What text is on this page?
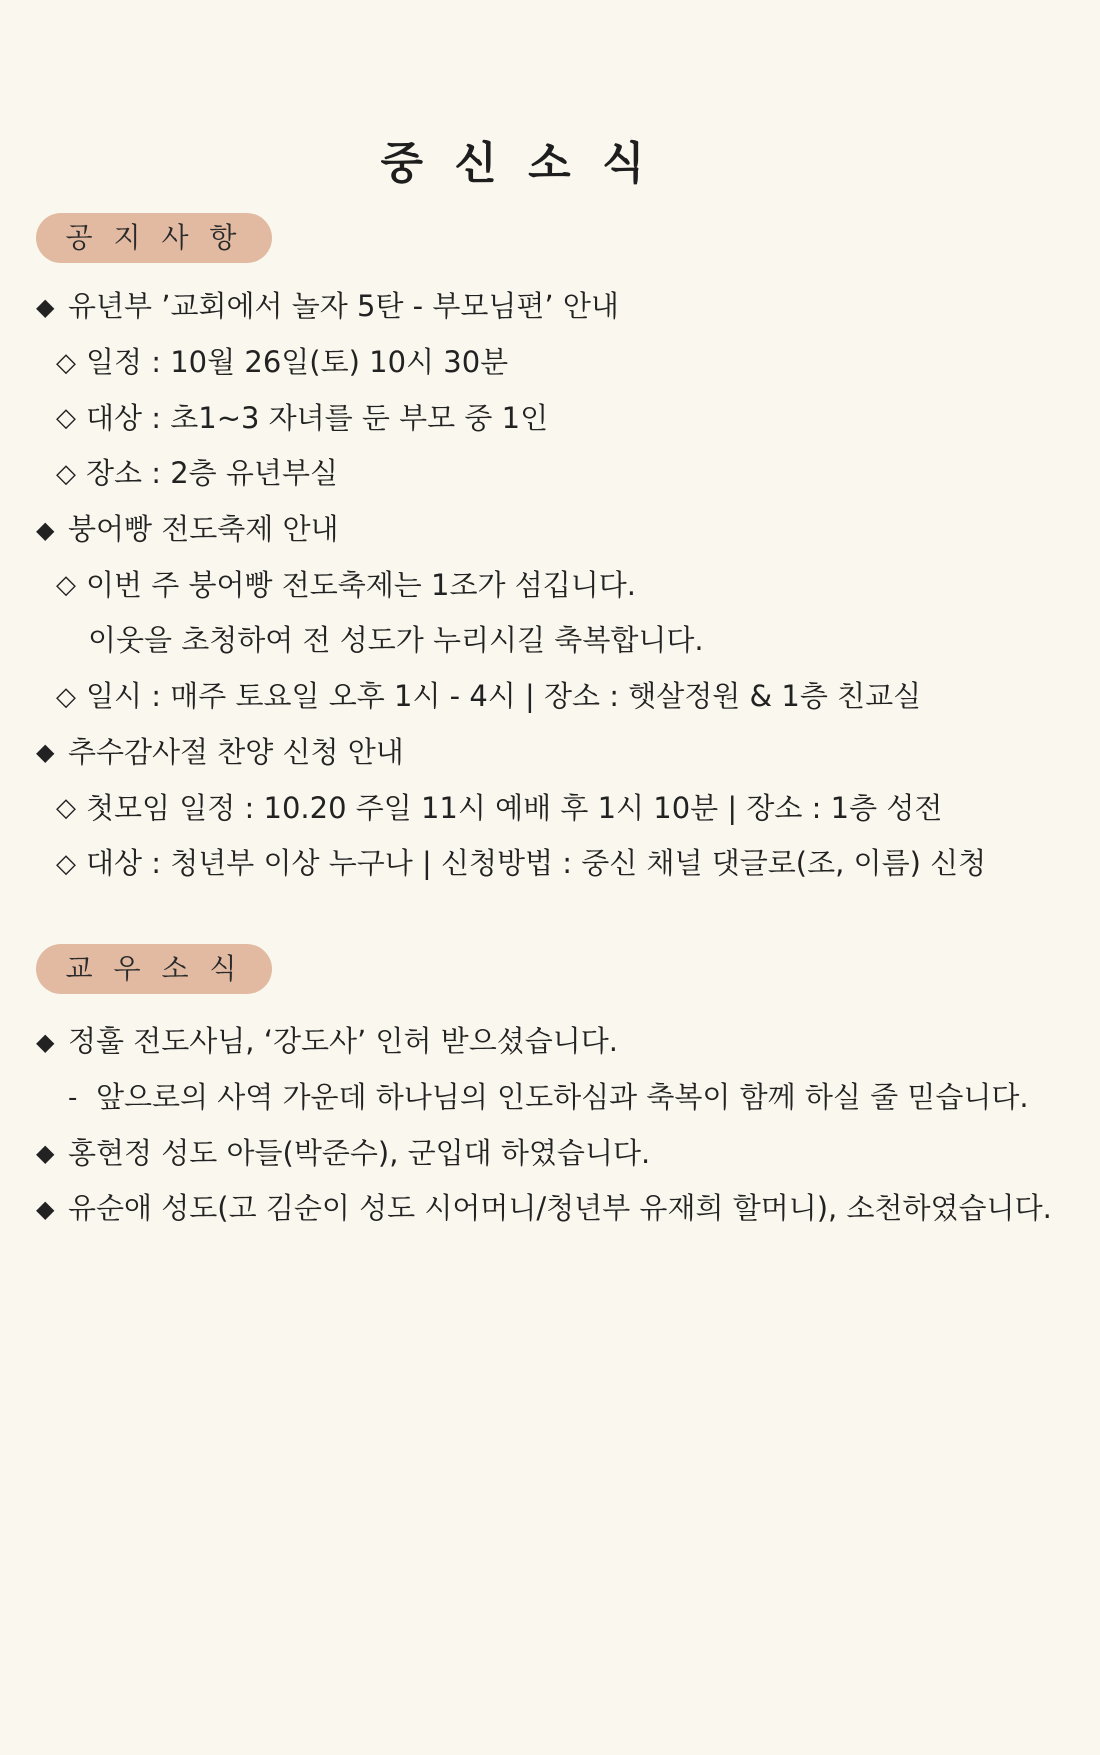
중 신 소 식
공 지 사 항
◆ 유년부 ’교회에서 놀자 5탄 - 부모님편’ 안내
◇ 일정 : 10월 26일(토) 10시 30분
◇ 대상 : 초1~3 자녀를 둔 부모 중 1인
◇ 장소 : 2층 유년부실
◆ 붕어빵 전도축제 안내
◇ 이번 주 붕어빵 전도축제는 1조가 섬깁니다.
이웃을 초청하여 전 성도가 누리시길 축복합니다.
◇ 일시 : 매주 토요일 오후 1시 - 4시 | 장소 : 햇살정원 & 1층 친교실
◆ 추수감사절 찬양 신청 안내
◇ 첫모임 일정 : 10.20 주일 11시 예배 후 1시 10분 | 장소 : 1층 성전
◇ 대상 : 청년부 이상 누구나 | 신청방법 : 중신 채널 댓글로(조, 이름) 신청
교 우 소 식
◆ 정훌 전도사님, ‘강도사’ 인허 받으셨습니다.
- 앞으로의 사역 가운데 하나님의 인도하심과 축복이 함께 하실 줄 믿습니다.
◆ 홍현정 성도 아들(박준수), 군입대 하였습니다.
◆ 유순애 성도(고 김순이 성도 시어머니/청년부 유재희 할머니), 소천하였습니다.
